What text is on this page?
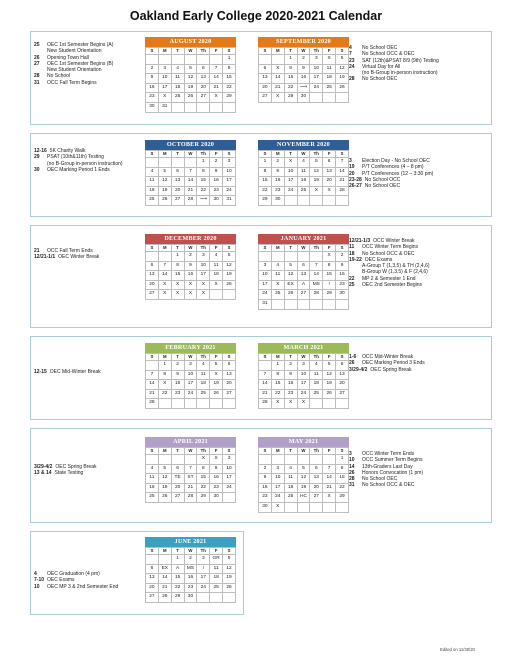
Oakland Early College 2020-2021 Calendar
25	OEC 1st Semester Begins (A)
New Student Orientation
26	Opening Town Hall
27	OEC 1st Semester Begins (B)
New Student Orientation
28	No School
31	OCC Fall Term Begins
4	No School OEC
7	No School OCC & OEC
23	SAT (12th)&PSAT 8/9 (9th) Testing
24	Virtual Day for All
(no B-Group in-person instruction)
28	No School OEC
12-16 5K Charity Walk
29	PSAT (10th&11th) Testing
(no B-Group in-person instruction)
30	OEC Marking Period 1 Ends
3	Election Day - No School OEC
19	P/T Conferences (4 – 8 pm)
20	P/T Conferences (12 – 3:30 pm)
23-28 No School OCC
26-27 No School OEC
21	OCC Fall Term Ends
12/21-1/1 OEC Winter Break
12/21-1/3 OCC Winter Break
11	OCC Winter Term Begins
18	No School OCC & OEC
19-22 OEC Exams
A-Group T (1,3,5) & TH (2,4,6)
B-Group W (1,3,5) & F (2,4,6)
22	MP 2 & Semester 1 End
25	OEC 2nd Semester Begins
12-15 OEC Mid-Winter Break
1-6	OCC Mid-Winter Break
26	OEC Marking Period 3 Ends
3/29-4/2 OEC Spring Break
3/29-4/2 OEC Spring Break
13 & 14 State Testing
3	OCC Winter Term Ends
10	OCC Summer Term Begins
14	13th-Graders Last Day
26	Honors Convocation (1 pm)
28	No School OEC
31	No School OCC & OEC
4	OEC Graduation (4 pm)
7-10 OEC Exams
10	OEC MP 3 & 2nd Semester End
AUGUST 2020
S	M	T	W	Th	F	S
						1
2	3	4	5	6	7	8
9	10	11	12	13	14	15
16	17	18	19	20	21	22
23	X	25	26	27	X	29
30	31					
SEPTEMBER 2020
S	M	T	W	Th	F	S
		1	2	3	X	5
6	X	8	9	10	11	12
13	14	15	16	17	18	19
20	21	22	⟿	24	25	26
27	X	29	30			
OCTOBER 2020
S	M	T	W	Th	F	S
				1	2	3
4	5	6	7	8	9	10
11	12	13	14	15	16	17
18	19	20	21	22	23	24
25	26	27	28	⟿	30	31
NOVEMBER 2020
S	M	T	W	Th	F	S
1	2	X	4	5	6	7
8	9	10	11	12	13	14
15	16	17	18	19	20	21
22	23	24	25	X	X	28
29	30					
DECEMBER 2020
S	M	T	W	Th	F	S
		1	2	3	4	5
6	7	8	9	10	11	12
13	14	15	16	17	18	19
20	X	X	X	X	X	26
27	X	X	X	X		
JANUARY 2021
S	M	T	W	Th	F	S
					X	2
3	4	5	6	7	8	9
10	11	12	13	14	15	16
17	X	EX	A	MS	!	23
24	25	26	27	28	29	30
31						
FEBRUARY 2021
S	M	T	W	Th	F	S
	1	2	3	4	5	6
7	8	9	10	11	X	13
14	X	16	17	18	19	20
21	22	23	24	25	26	27
28						
MARCH 2021
S	M	T	W	Th	F	S
	1	2	3	4	5	6
7	8	9	10	11	12	13
14	15	16	17	18	19	20
21	22	23	24	25	26	27
28	X	X	X			
APRIL 2021
S	M	T	W	Th	F	S
				X	X	3
4	5	6	7	8	9	10
11	12	TE	ST	15	16	17
18	19	20	21	22	23	24
25	26	27	28	29	30	
MAY 2021
S	M	T	W	Th	F	S
						1
2	3	4	5	6	7	8
9	10	11	12	13	14	15
16	17	18	19	20	21	22
23	24	25	HC	27	X	29
30	X					
JUNE 2021
S	M	T	W	Th	F	S
		1	2	3	GR	5
6	EX	A	MS	!	11	12
13	14	15	16	17	18	19
20	21	22	23	24	25	26
27	28	29	30			
Edited on 11/30/20
